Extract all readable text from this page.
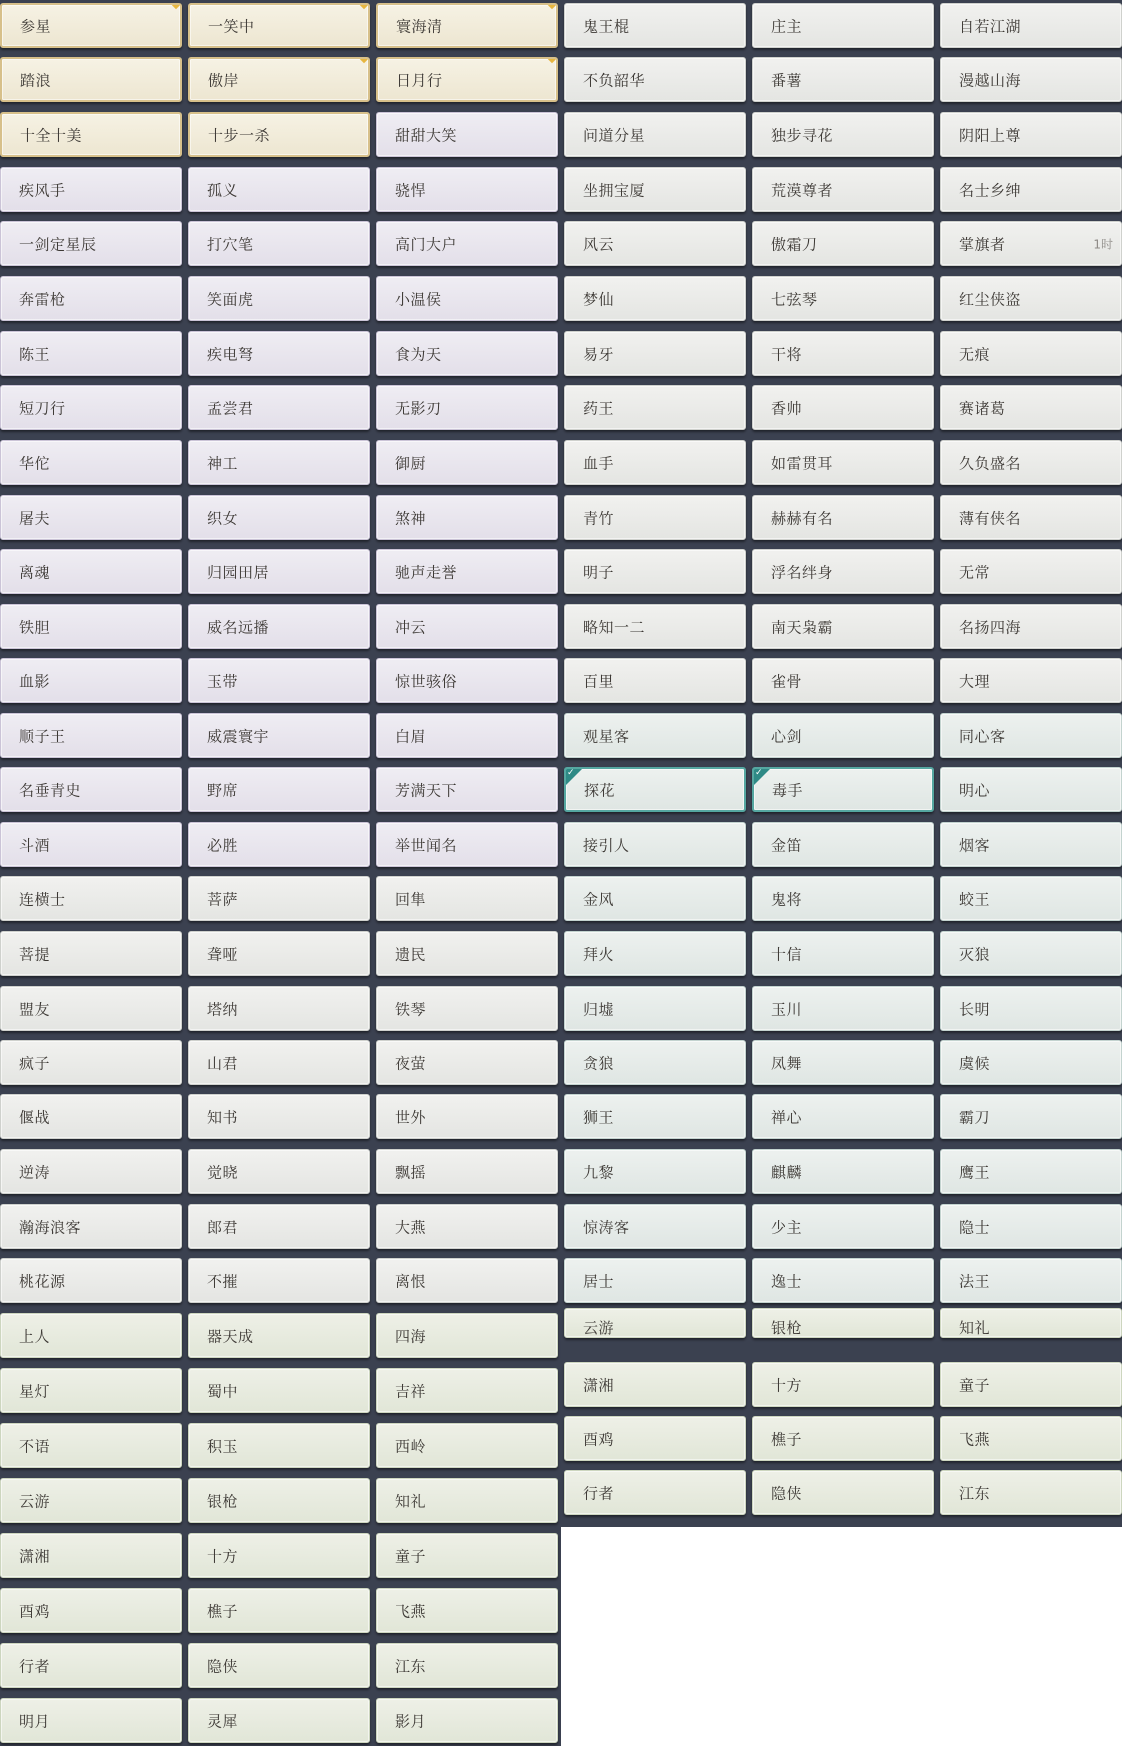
参星
踏浪
十全十美
疾风手
一剑定星辰
奔雷枪
陈王
短刀行
华佗
屠夫
离魂
铁胆
血影
顺子王
名垂青史
斗酒
连横士
菩提
盟友
疯子
偃战
逆涛
瀚海浪客
桃花源
上人
星灯
不语
云游
潇湘
酉鸡
行者
明月
一笑中
傲岸
十步一杀
孤义
打穴笔
笑面虎
疾电弩
孟尝君
神工
织女
归园田居
威名远播
玉带
威震寰宇
野席
必胜
菩萨
聋哑
塔纳
山君
知书
觉晓
郎君
不摧
器天成
蜀中
积玉
银枪
十方
樵子
隐侠
灵犀
寰海清
日月行
甜甜大笑
骁悍
高门大户
小温侯
食为天
无影刃
御厨
煞神
驰声走誉
冲云
惊世骇俗
白眉
芳满天下
举世闻名
回隼
遗民
铁琴
夜萤
世外
飘摇
大燕
离恨
四海
吉祥
西岭
知礼
童子
飞燕
江东
影月
鬼王棍
不负韶华
问道分星
坐拥宝厦
风云
梦仙
易牙
药王
血手
青竹
明子
略知一二
百里
观星客
探花
✓
接引人
金风
拜火
归墟
贪狼
狮王
九黎
惊涛客
居士
云游
潇湘
酉鸡
行者
庄主
番薯
独步寻花
荒漠尊者
傲霜刀
七弦琴
干将
香帅
如雷贯耳
赫赫有名
浮名绊身
南天枭霸
雀骨
心剑
毒手
✓
金笛
鬼将
十信
玉川
凤舞
禅心
麒麟
少主
逸士
银枪
十方
樵子
隐侠
自若江湖
漫越山海
阴阳上尊
名士乡绅
掌旗者	1时
红尘侠盗
无痕
赛诸葛
久负盛名
薄有侠名
无常
名扬四海
大理
同心客
明心
烟客
蛟王
灭狼
长明
虞候
霸刀
鹰王
隐士
法王
知礼
童子
飞燕
江东
